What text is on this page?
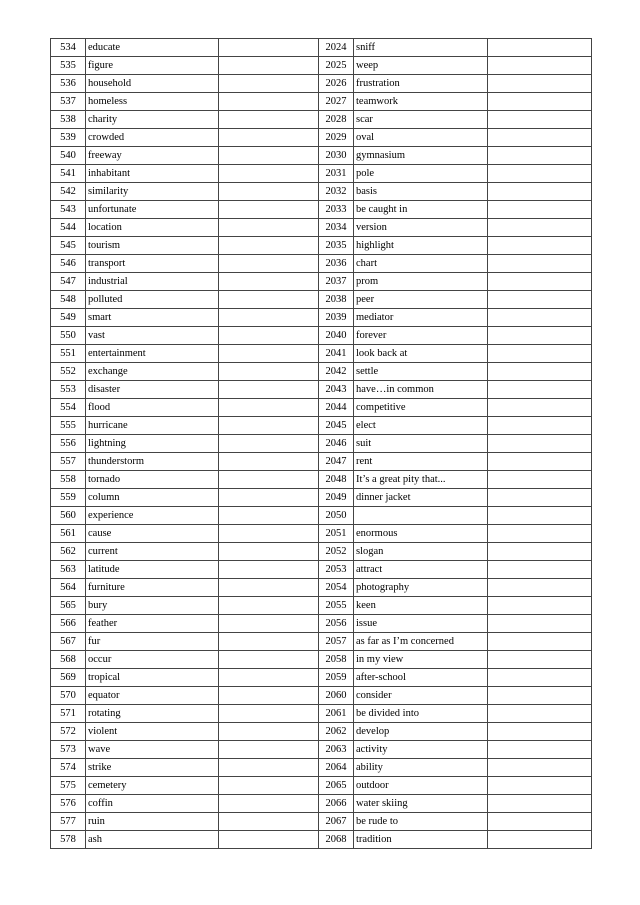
534	educate		2024	sniff	
535	figure		2025	weep	
536	household		2026	frustration	
537	homeless		2027	teamwork	
538	charity		2028	scar	
539	crowded		2029	oval	
540	freeway		2030	gymnasium	
541	inhabitant		2031	pole	
542	similarity		2032	basis	
543	unfortunate		2033	be caught in	
544	location		2034	version	
545	tourism		2035	highlight	
546	transport		2036	chart	
547	industrial		2037	prom	
548	polluted		2038	peer	
549	smart		2039	mediator	
550	vast		2040	forever	
551	entertainment		2041	look back at	
552	exchange		2042	settle	
553	disaster		2043	have…in common	
554	flood		2044	competitive	
555	hurricane		2045	elect	
556	lightning		2046	suit	
557	thunderstorm		2047	rent	
558	tornado		2048	It’s a great pity that...	
559	column		2049	dinner jacket	
560	experience		2050		
561	cause		2051	enormous	
562	current		2052	slogan	
563	latitude		2053	attract	
564	furniture		2054	photography	
565	bury		2055	keen	
566	feather		2056	issue	
567	fur		2057	as far as I’m concerned	
568	occur		2058	in my view	
569	tropical		2059	after-school	
570	equator		2060	consider	
571	rotating		2061	be divided into	
572	violent		2062	develop	
573	wave		2063	activity	
574	strike		2064	ability	
575	cemetery		2065	outdoor	
576	coffin		2066	water skiing	
577	ruin		2067	be rude to	
578	ash		2068	tradition	
